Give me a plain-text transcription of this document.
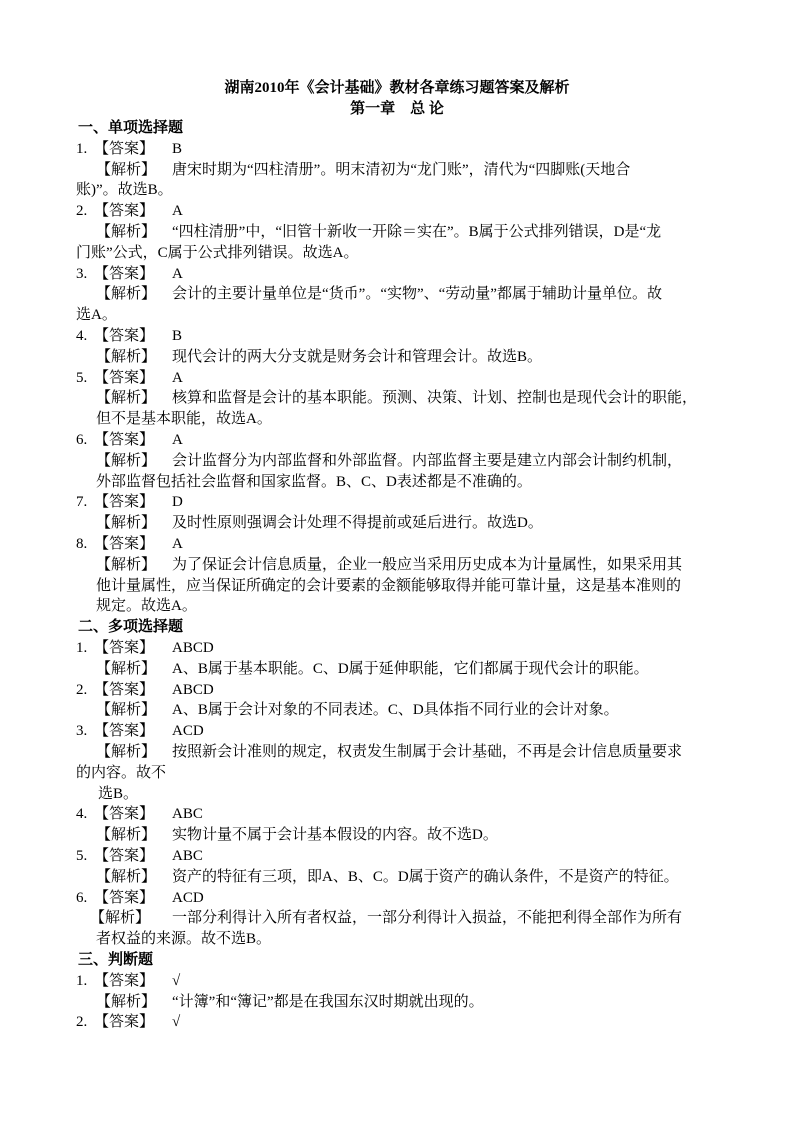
湖南2010年《会计基础》教材各章练习题答案及解析
第一章　总 论
一、单项选择题
1. 【答案】 B
【解析】 唐宋时期为“四柱清册”。明末清初为“龙门账”，清代为“四脚账(天地合
账)”。故选B。
2. 【答案】 A
【解析】 “四柱清册”中，“旧管十新收一开除＝实在”。B属于公式排列错误，D是“龙
门账”公式，C属于公式排列错误。故选A。
3. 【答案】 A
【解析】 会计的主要计量单位是“货币”。“实物”、“劳动量”都属于辅助计量单位。故
选A。
4. 【答案】 B
【解析】 现代会计的两大分支就是财务会计和管理会计。故选B。
5. 【答案】 A
【解析】 核算和监督是会计的基本职能。预测、决策、计划、控制也是现代会计的职能，
但不是基本职能，故选A。
6. 【答案】 A
【解析】 会计监督分为内部监督和外部监督。内部监督主要是建立内部会计制约机制，
外部监督包括社会监督和国家监督。B、C、D表述都是不准确的。
7. 【答案】 D
【解析】 及时性原则强调会计处理不得提前或延后进行。故选D。
8. 【答案】 A
【解析】 为了保证会计信息质量，企业一般应当采用历史成本为计量属性，如果采用其
他计量属性，应当保证所确定的会计要素的金额能够取得并能可靠计量，这是基本准则的
规定。故选A。
二、多项选择题
1. 【答案】 ABCD
【解析】 A、B属于基本职能。C、D属于延伸职能，它们都属于现代会计的职能。
2. 【答案】 ABCD
【解析】 A、B属于会计对象的不同表述。C、D具体指不同行业的会计对象。
3. 【答案】 ACD
【解析】 按照新会计准则的规定，权责发生制属于会计基础，不再是会计信息质量要求
的内容。故不
选B。
4. 【答案】 ABC
【解析】 实物计量不属于会计基本假设的内容。故不选D。
5. 【答案】 ABC
【解析】 资产的特征有三项，即A、B、C。D属于资产的确认条件，不是资产的特征。
6. 【答案】 ACD
【解析】 一部分利得计入所有者权益，一部分利得计入损益，不能把利得全部作为所有
者权益的来源。故不选B。
三、判断题
1. 【答案】 √
【解析】 “计簿”和“簿记”都是在我国东汉时期就出现的。
2. 【答案】 √
